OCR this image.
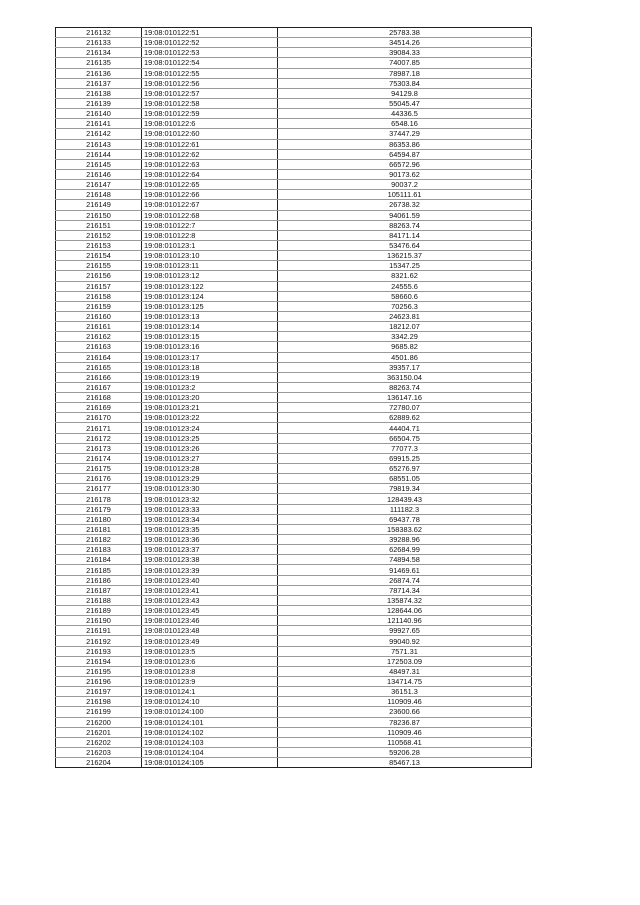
216132	19:08:010122:51	25783.38
216133	19:08:010122:52	34514.26
216134	19:08:010122:53	39084.33
216135	19:08:010122:54	74007.85
216136	19:08:010122:55	78987.18
216137	19:08:010122:56	75303.84
216138	19:08:010122:57	94129.8
216139	19:08:010122:58	55045.47
216140	19:08:010122:59	44336.5
216141	19:08:010122:6	6548.16
216142	19:08:010122:60	37447.29
216143	19:08:010122:61	86353.86
216144	19:08:010122:62	64594.87
216145	19:08:010122:63	66572.96
216146	19:08:010122:64	90173.62
216147	19:08:010122:65	90037.2
216148	19:08:010122:66	105111.61
216149	19:08:010122:67	26738.32
216150	19:08:010122:68	94061.59
216151	19:08:010122:7	88263.74
216152	19:08:010122:8	84171.14
216153	19:08:010123:1	53476.64
216154	19:08:010123:10	136215.37
216155	19:08:010123:11	15347.25
216156	19:08:010123:12	8321.62
216157	19:08:010123:122	24555.6
216158	19:08:010123:124	58660.6
216159	19:08:010123:125	70256.3
216160	19:08:010123:13	24623.81
216161	19:08:010123:14	18212.07
216162	19:08:010123:15	3342.29
216163	19:08:010123:16	9685.82
216164	19:08:010123:17	4501.86
216165	19:08:010123:18	39357.17
216166	19:08:010123:19	363150.04
216167	19:08:010123:2	88263.74
216168	19:08:010123:20	136147.16
216169	19:08:010123:21	72780.07
216170	19:08:010123:22	62889.62
216171	19:08:010123:24	44404.71
216172	19:08:010123:25	66504.75
216173	19:08:010123:26	77077.3
216174	19:08:010123:27	69915.25
216175	19:08:010123:28	65276.97
216176	19:08:010123:29	68551.05
216177	19:08:010123:30	79819.34
216178	19:08:010123:32	128439.43
216179	19:08:010123:33	111182.3
216180	19:08:010123:34	69437.78
216181	19:08:010123:35	158383.62
216182	19:08:010123:36	39288.96
216183	19:08:010123:37	62684.99
216184	19:08:010123:38	74894.58
216185	19:08:010123:39	91469.61
216186	19:08:010123:40	26874.74
216187	19:08:010123:41	78714.34
216188	19:08:010123:43	135874.32
216189	19:08:010123:45	128644.06
216190	19:08:010123:46	121140.96
216191	19:08:010123:48	99927.65
216192	19:08:010123:49	99040.92
216193	19:08:010123:5	7571.31
216194	19:08:010123:6	172503.09
216195	19:08:010123:8	48497.31
216196	19:08:010123:9	134714.75
216197	19:08:010124:1	36151.3
216198	19:08:010124:10	110909.46
216199	19:08:010124:100	23600.66
216200	19:08:010124:101	78236.87
216201	19:08:010124:102	110909.46
216202	19:08:010124:103	110568.41
216203	19:08:010124:104	59206.28
216204	19:08:010124:105	85467.13
